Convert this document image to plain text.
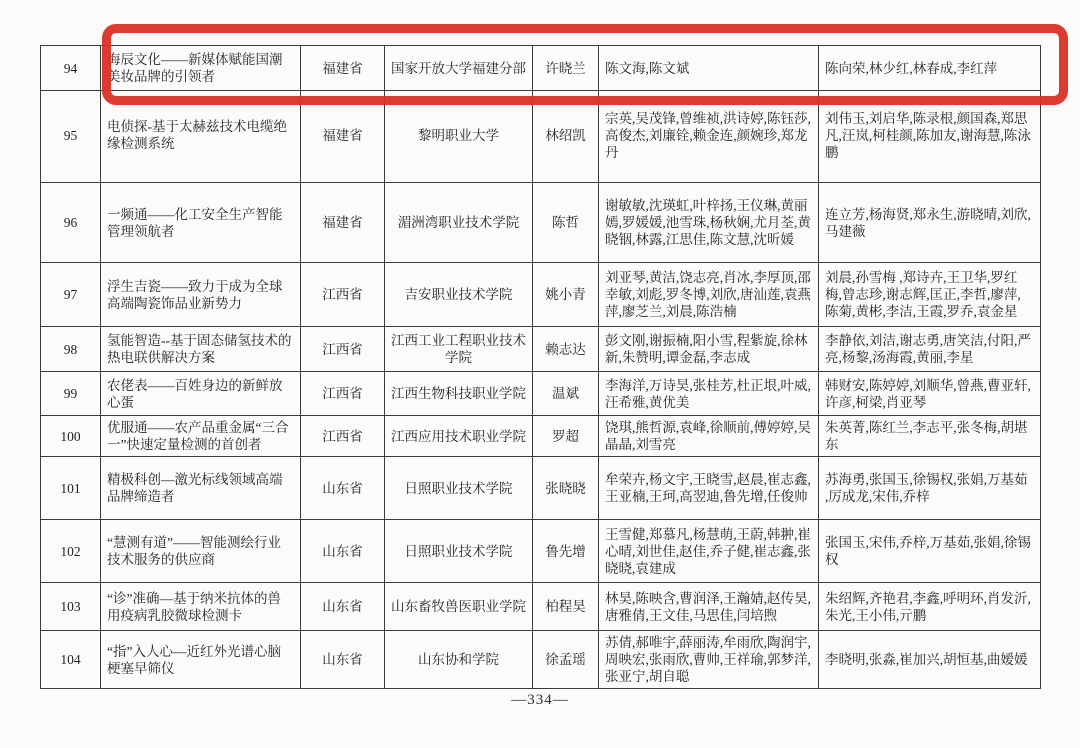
94	海辰文化——新媒体赋能国潮美妆品牌的引领者	福建省	国家开放大学福建分部	许晓兰	陈文海,陈文斌	陈向荣,林少红,林春成,李红萍
95	电侦探-基于太赫兹技术电缆绝缘检测系统	福建省	黎明职业大学	林绍凯	宗英,吴茂锋,曾维祯,洪诗婷,陈钰莎,高俊杰,刘廉铨,赖金连,颜婉珍,郑龙丹	刘伟玉,刘启华,陈录根,颜国森,郑思凡,汪岚,柯桂颜,陈加友,谢海慧,陈泳鹏
96	一频通——化工安全生产智能管理领航者	福建省	湄洲湾职业技术学院	陈哲	谢敏敏,沈瑛虹,叶梓扬,王仪琳,黄丽嫣,罗媛媛,池雪珠,杨秋娴,尤月荃,黄晓铟,林露,江思佳,陈文慧,沈昕媛	连立芳,杨海贤,郑永生,游晓晴,刘欣,马建薇
97	浮生吉瓷——致力于成为全球高端陶瓷饰品业新势力	江西省	吉安职业技术学院	姚小青	刘亚琴,黄洁,饶志亮,肖冰,李厚顶,邵幸敏,刘彪,罗冬博,刘欣,唐汕莲,袁燕萍,廖芝兰,刘晨,陈浩楠	刘晨,孙雪梅 ,郑诗卉,王卫华,罗红梅,曾志珍,谢志辉,匡正,李哲,廖萍,陈菊,黄彬,李洁,王霞,罗乔,袁金星
98	氢能智造--基于固态储氢技术的热电联供解决方案	江西省	江西工业工程职业技术学院	赖志达	彭文刚,谢振楠,阳小雪,程紫旋,徐林新,朱赞明,谭金磊,李志成	李静依,刘洁,谢志勇,唐笑洁,付阳,严亮,杨黎,汤海霞,黄丽,李星
99	农佬表——百姓身边的新鲜放心蛋	江西省	江西生物科技职业学院	温斌	李海洋,万诗昊,张桂芳,杜正垠,叶威,汪希雅,黄优美	韩财安,陈婷婷,刘顺华,曾燕,曹亚轩,许彦,柯梁,肖亚琴
100	优服通——农产品重金属“三合一”快速定量检测的首创者	江西省	江西应用技术职业学院	罗超	饶琪,熊哲源,袁峰,徐顺前,傅婷婷,吴晶晶,刘雪亮	朱英菁,陈红兰,李志平,张冬梅,胡堪东
101	精极科创—激光标线领域高端品牌缔造者	山东省	日照职业技术学院	张晓晓	牟荣卉,杨文宇,王晓雪,赵晨,崔志鑫,王亚楠,王珂,高翌迪,鲁先增,任俊帅	苏海勇,张国玉,徐锡权,张娟,万基茹 ,厉成龙,宋伟,乔梓
102	“慧测有道”——智能测绘行业技术服务的供应商	山东省	日照职业技术学院	鲁先增	王雪健,郑慕凡,杨慧萌,王蔚,韩翀,崔心晴,刘世佳,赵佳,乔子健,崔志鑫,张晓晓,袁建成	张国玉,宋伟,乔梓,万基茹,张娟,徐锡权
103	“诊”准确—基于纳米抗体的兽用疫病乳胶微球检测卡	山东省	山东畜牧兽医职业学院	柏程昊	林昊,陈映含,曹润泽,王瀚婧,赵传昊,唐雅倩,王文佳,马思佳,闫培煦	朱绍辉,齐艳君,李鑫,呼明环,肖发沂,朱光,王小伟,亓鹏
104	“指”入人心—近红外光谱心脑梗塞早筛仪	山东省	山东协和学院	徐孟瑶	苏倩,郝唯宇,薛丽涛,牟雨欣,陶润宇,周映宏,张雨欣,曹帅,王祥瑜,郭梦洋,张亚宁,胡自聪	李晓明,张淼,崔加兴,胡恒基,曲嫒媛
—334—
